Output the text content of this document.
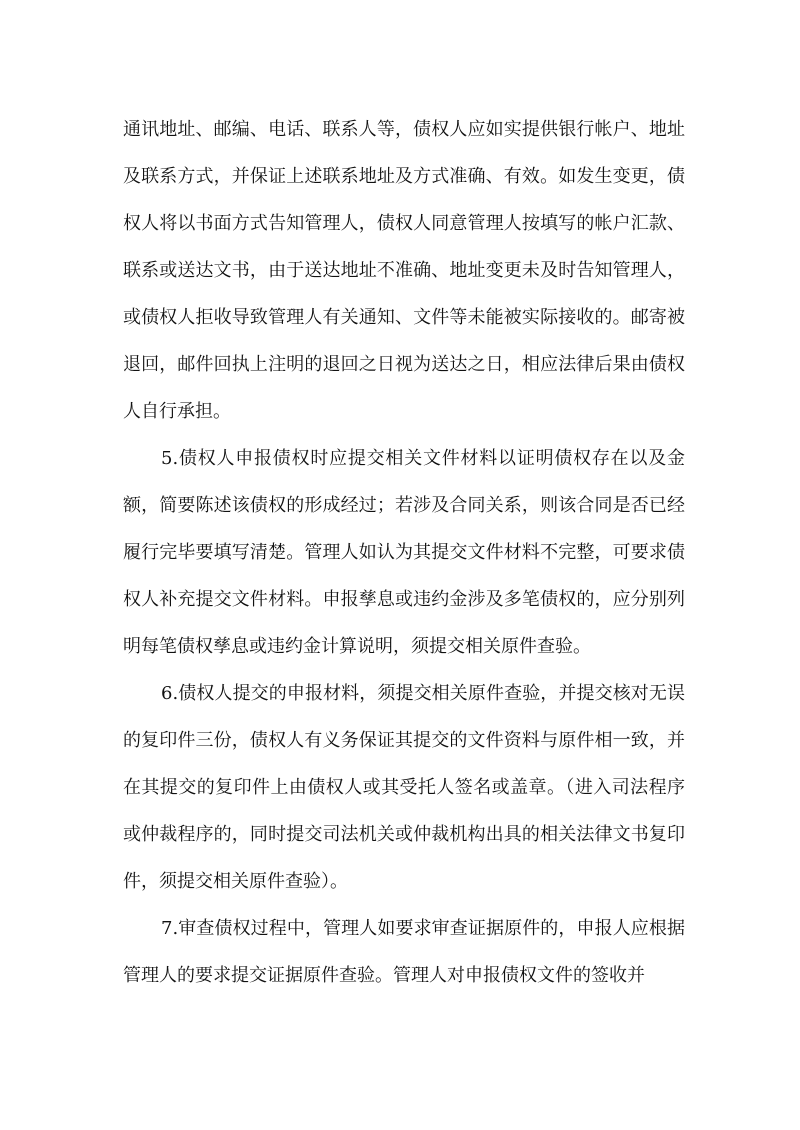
通讯地址、邮编、电话、联系人等，债权人应如实提供银行帐户、地址及联系方式，并保证上述联系地址及方式准确、有效。如发生变更，债权人将以书面方式告知管理人，债权人同意管理人按填写的帐户汇款、联系或送达文书，由于送达地址不准确、地址变更未及时告知管理人，或债权人拒收导致管理人有关通知、文件等未能被实际接收的。邮寄被退回，邮件回执上注明的退回之日视为送达之日，相应法律后果由债权人自行承担。

5.债权人申报债权时应提交相关文件材料以证明债权存在以及金额，简要陈述该债权的形成经过；若涉及合同关系，则该合同是否已经履行完毕要填写清楚。管理人如认为其提交文件材料不完整，可要求债权人补充提交文件材料。申报孳息或违约金涉及多笔债权的，应分别列明每笔债权孳息或违约金计算说明，须提交相关原件查验。

6.债权人提交的申报材料，须提交相关原件查验，并提交核对无误的复印件三份，债权人有义务保证其提交的文件资料与原件相一致，并在其提交的复印件上由债权人或其受托人签名或盖章。（进入司法程序或仲裁程序的，同时提交司法机关或仲裁机构出具的相关法律文书复印件，须提交相关原件查验）。

7.审查债权过程中，管理人如要求审查证据原件的，申报人应根据管理人的要求提交证据原件查验。管理人对申报债权文件的签收并
